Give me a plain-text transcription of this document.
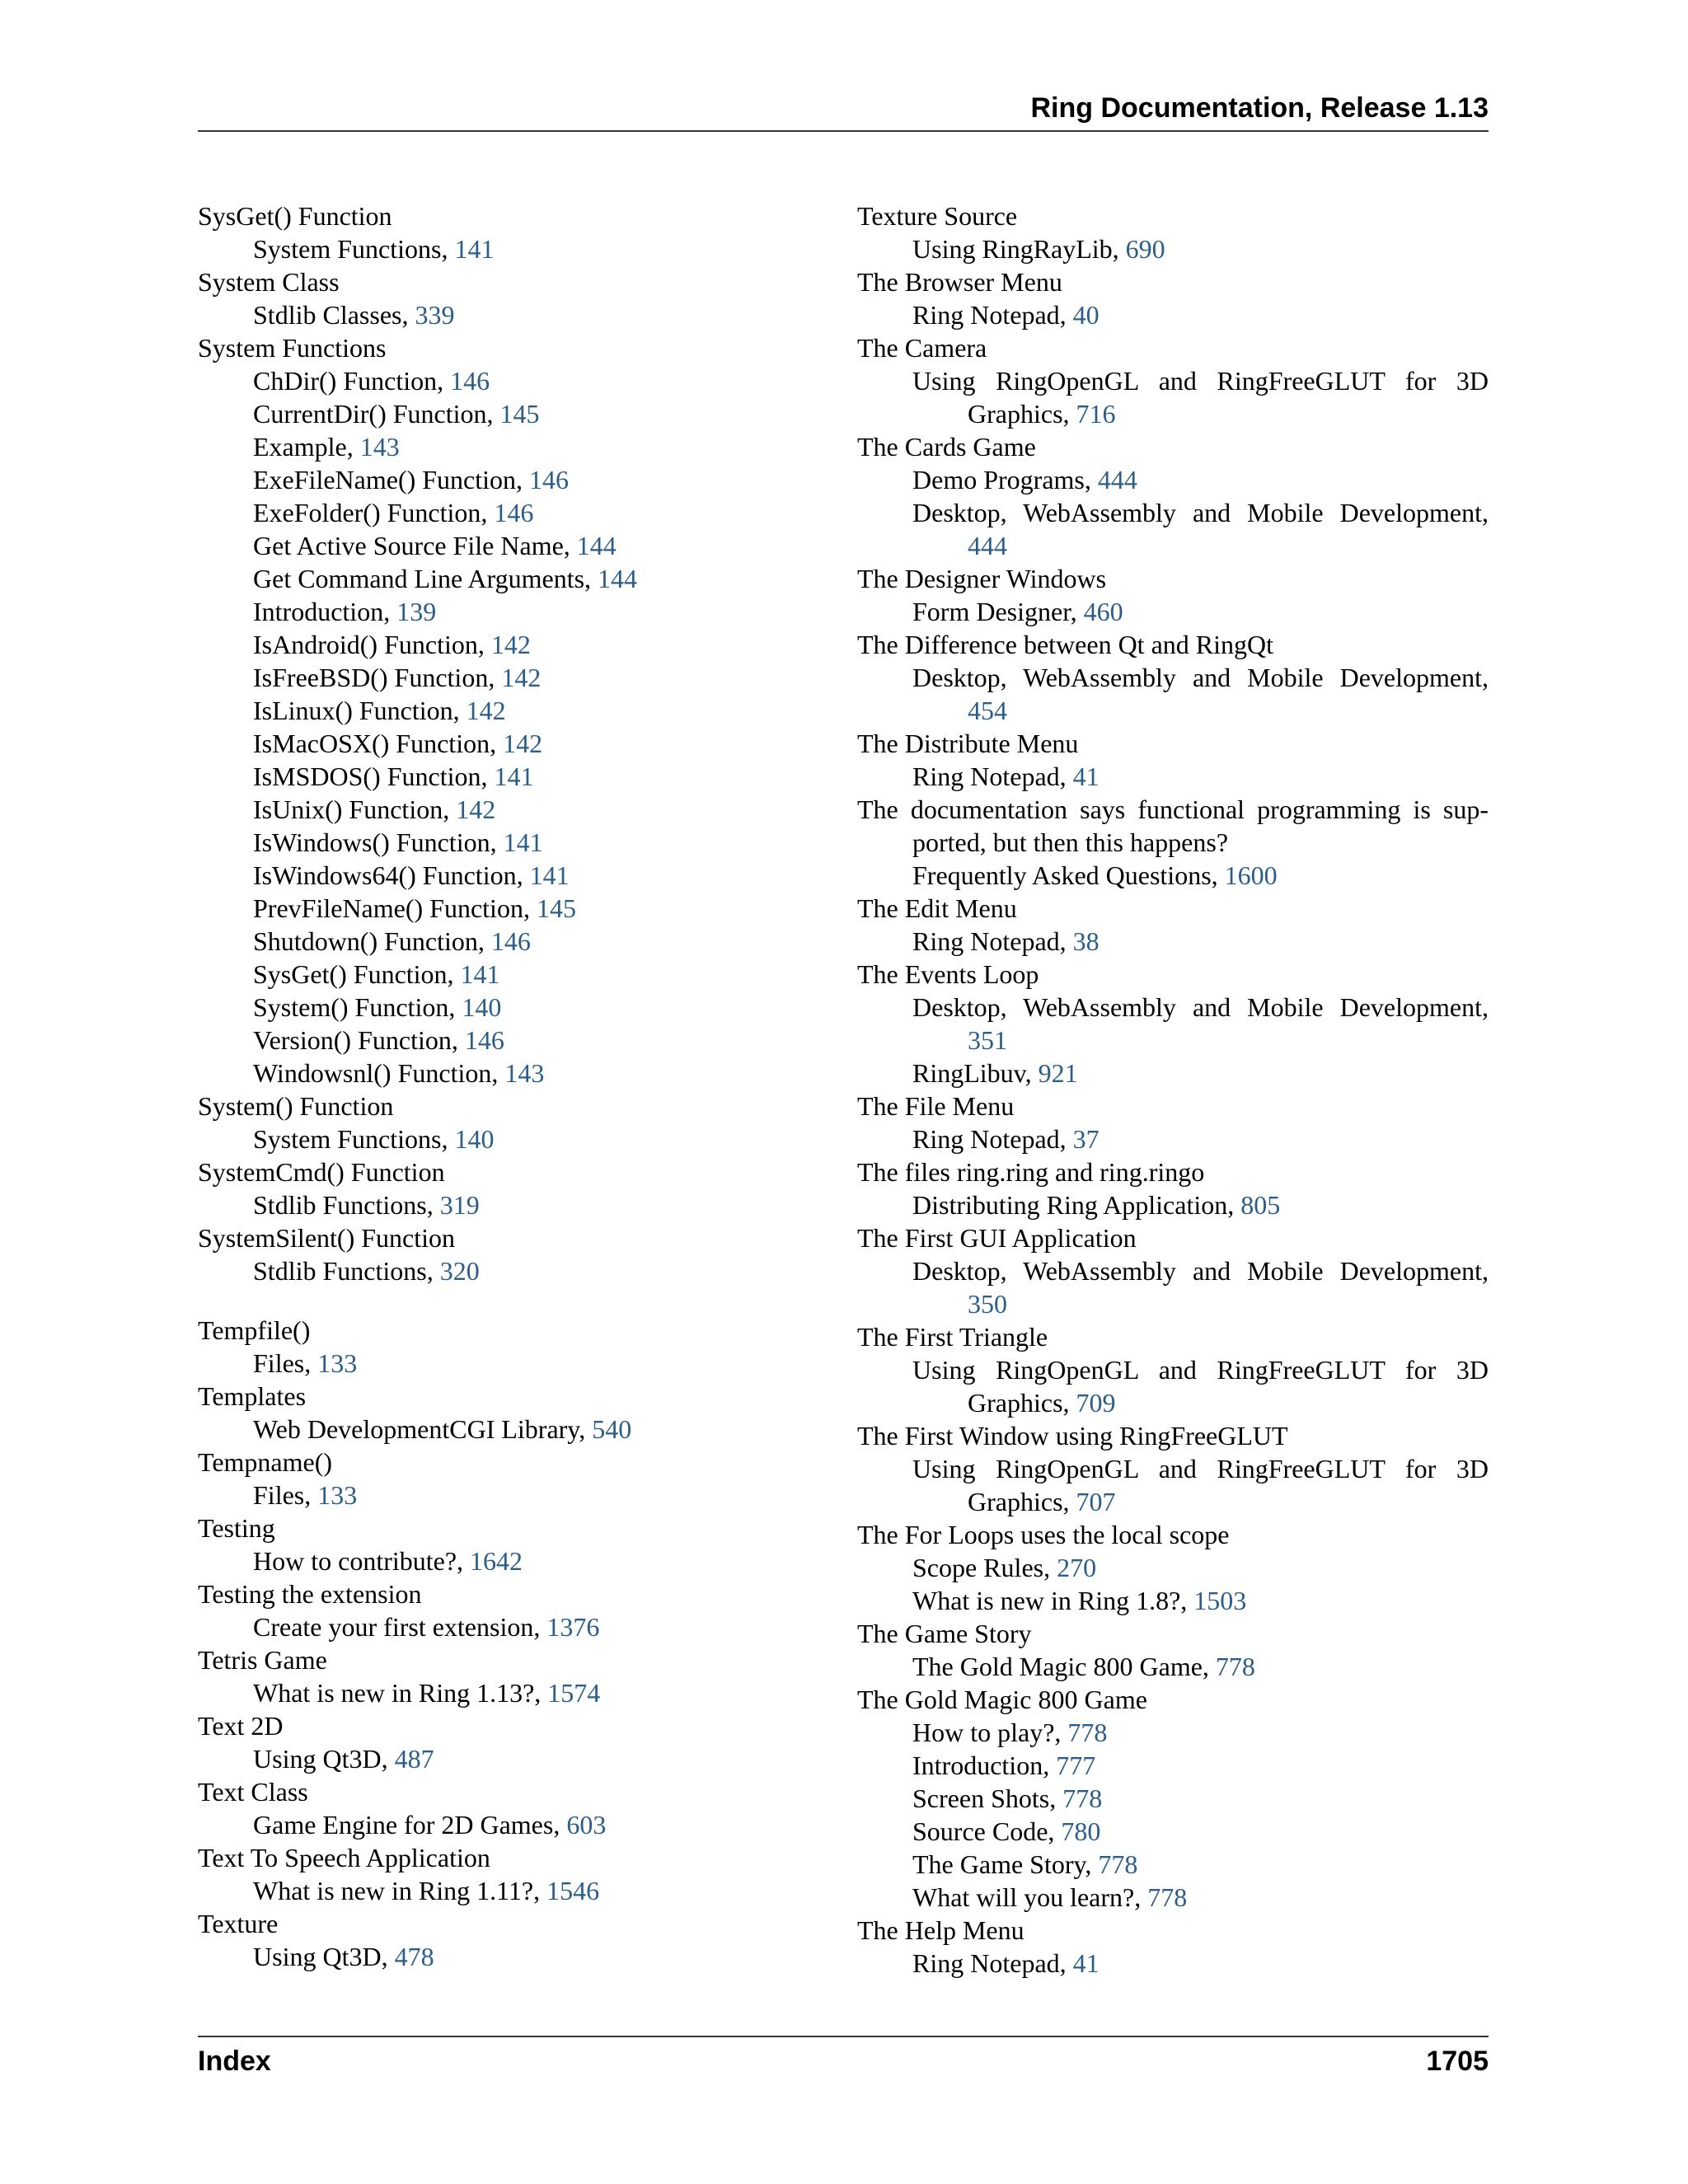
Ring Documentation, Release 1.13
SysGet() Function
System Functions, 141
System Class
Stdlib Classes, 339
System Functions
ChDir() Function, 146
CurrentDir() Function, 145
Example, 143
ExeFileName() Function, 146
ExeFolder() Function, 146
Get Active Source File Name, 144
Get Command Line Arguments, 144
Introduction, 139
IsAndroid() Function, 142
IsFreeBSD() Function, 142
IsLinux() Function, 142
IsMacOSX() Function, 142
IsMSDOS() Function, 141
IsUnix() Function, 142
IsWindows() Function, 141
IsWindows64() Function, 141
PrevFileName() Function, 145
Shutdown() Function, 146
SysGet() Function, 141
System() Function, 140
Version() Function, 146
Windowsnl() Function, 143
System() Function
System Functions, 140
SystemCmd() Function
Stdlib Functions, 319
SystemSilent() Function
Stdlib Functions, 320
Tempfile()
Files, 133
Templates
Web DevelopmentCGI Library, 540
Tempname()
Files, 133
Testing
How to contribute?, 1642
Testing the extension
Create your first extension, 1376
Tetris Game
What is new in Ring 1.13?, 1574
Text 2D
Using Qt3D, 487
Text Class
Game Engine for 2D Games, 603
Text To Speech Application
What is new in Ring 1.11?, 1546
Texture
Using Qt3D, 478
Texture Source
Using RingRayLib, 690
The Browser Menu
Ring Notepad, 40
The Camera
Using RingOpenGL and RingFreeGLUT for 3D Graphics, 716
The Cards Game
Demo Programs, 444
Desktop, WebAssembly and Mobile Development, 444
The Designer Windows
Form Designer, 460
The Difference between Qt and RingQt
Desktop, WebAssembly and Mobile Development, 454
The Distribute Menu
Ring Notepad, 41
The documentation says functional programming is sup-ported, but then this happens?
Frequently Asked Questions, 1600
The Edit Menu
Ring Notepad, 38
The Events Loop
Desktop, WebAssembly and Mobile Development, 351
RingLibuv, 921
The File Menu
Ring Notepad, 37
The files ring.ring and ring.ringo
Distributing Ring Application, 805
The First GUI Application
Desktop, WebAssembly and Mobile Development, 350
The First Triangle
Using RingOpenGL and RingFreeGLUT for 3D Graphics, 709
The First Window using RingFreeGLUT
Using RingOpenGL and RingFreeGLUT for 3D Graphics, 707
The For Loops uses the local scope
Scope Rules, 270
What is new in Ring 1.8?, 1503
The Game Story
The Gold Magic 800 Game, 778
The Gold Magic 800 Game
How to play?, 778
Introduction, 777
Screen Shots, 778
Source Code, 780
The Game Story, 778
What will you learn?, 778
The Help Menu
Ring Notepad, 41
Index	1705
